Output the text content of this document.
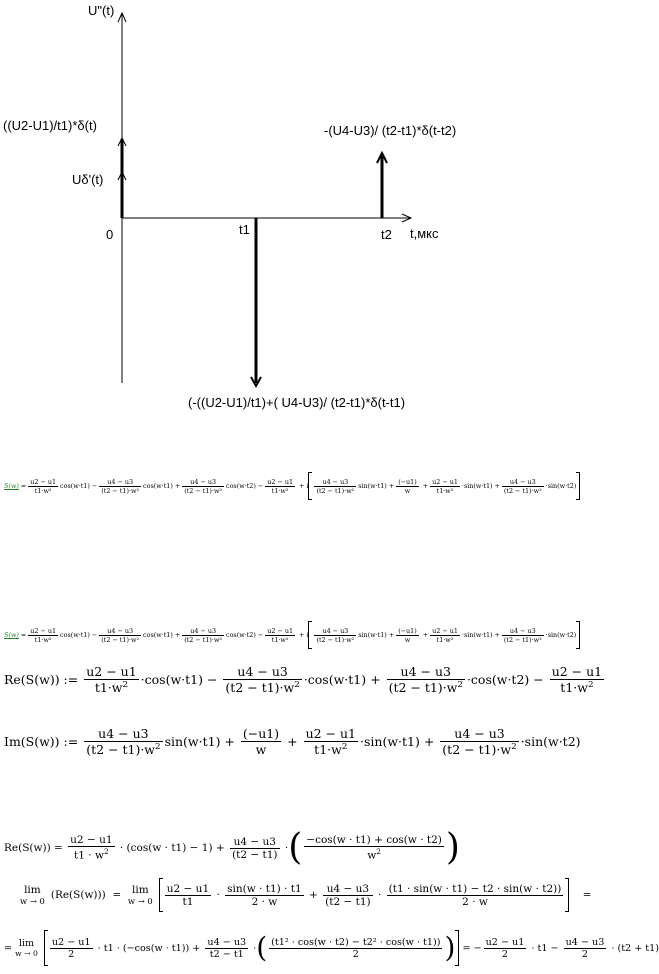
U"(t)
((U2-U1)/t1)*δ(t)
Uδ'(t)
0	t1	t2 t,мкс
-(U4-U3)/ (t2-t1)*δ(t-t2)
(-((U2-U1)/t1)+( U4-U3)/ (t2-t1)*δ(t-t1)
S(w)
= $\frac{u2 - u1}{\text{t1·w²}} \cos(w\cdot t1) - \frac{u4 - u3}{\text{(t2 − t1)·w²}} \cos(w\cdot t1) + \frac{u4 - u3}{\text{(t2 − t1)·w²}} \cos(w\cdot t2) - \frac{u2 - u1}{\text{t1·w²}} + i \frac{u4 - u3}{\text{(t2 − t1)·w²}} \sin(w\cdot t1) + \frac{(-u1)}{w} + \frac{u2 - u1}{\text{t1·w²}} \cdot \sin(w\cdot t1) + \frac{u4 - u3}{\text{(t2 − t1)·w²}} \cdot \sin(w\cdot t2)$
S(w)
= $\frac{u2 - u1}{\text{t1·w²}} \cos(w\cdot t1) - \frac{u4 - u3}{\text{(t2 − t1)·w²}} \cos(w\cdot t1) + \frac{u4 - u3}{\text{(t2 − t1)·w²}} \cos(w\cdot t2) - \frac{u2 - u1}{\text{t1·w²}} + i \frac{u4 - u3}{\text{(t2 − t1)·w²}} \sin(w\cdot t1) + \frac{(-u1)}{w} + \frac{u2 - u1}{\text{t1·w²}} \cdot \sin(w\cdot t1) + \frac{u4 - u3}{\text{(t2 − t1)·w²}} \cdot \sin(w\cdot t2)$
Re(S(w)) :=
$\frac{u2 - u1}{t1\cdot w^2} \cdot\cos(w\cdot t1)$ −
$\frac{u4 - u3}{(t2 - t1)\cdot w^2} \cdot\cos(w\cdot t1)$ +
$\frac{u4 - u3}{(t2 - t1)\cdot w^2} \cdot\cos(w\cdot t2)$ −
$\frac{u2 - u1}{t1\cdot w^2}$
Im(S(w)) :=
$\frac{u4 - u3}{(t2 - t1)\cdot w^2} \sin(w\cdot t1)$ +
$\frac{(-u1)}{w}$
+
$\frac{u2 - u1}{t1\cdot w^2} \cdot\sin(w\cdot t1)$ +
$\frac{u4 - u3}{(t2 - t1)\cdot w^2} \cdot\sin(w\cdot t2)$
Re(S(w)) =
$\frac{u2 - u1}{t1 \cdot w^2}$
· (cos(w · t1) − 1) +
$\frac{u4 - u3}{(t2 - t1)}$
· ( $\frac{-\cos(w \cdot t1) + \cos(w \cdot t2)}{w^2}$ )
lim
w → 0 (Re(S(w)))
=
lim
$w \to 0 \frac{u2 - u1}{t1}$
·
$\frac{\sin(w \cdot t1) \cdot t1}{2 \cdot w}$
+
$\frac{u4 - u3}{(t2 - t1)}$
·
$\frac{(t1 \cdot \sin(w \cdot t1) - t2 \cdot \sin(w \cdot t2))}{2 \cdot w}$
=
=
lim
$w \to 0 \frac{u2 - u1}{2}$
· t1 · (−cos(w · t1)) +
$\frac{u4 - u3}{t2 - t1}$
· ( $\frac{\text{(t1² · cos(w · t2) − t2² · cos(w · t1))}}{2}$ )
= − $\frac{u2 - u1}{2}$
· t1 −
$\frac{u4 - u3}{2}$
· (t2 + t1)
